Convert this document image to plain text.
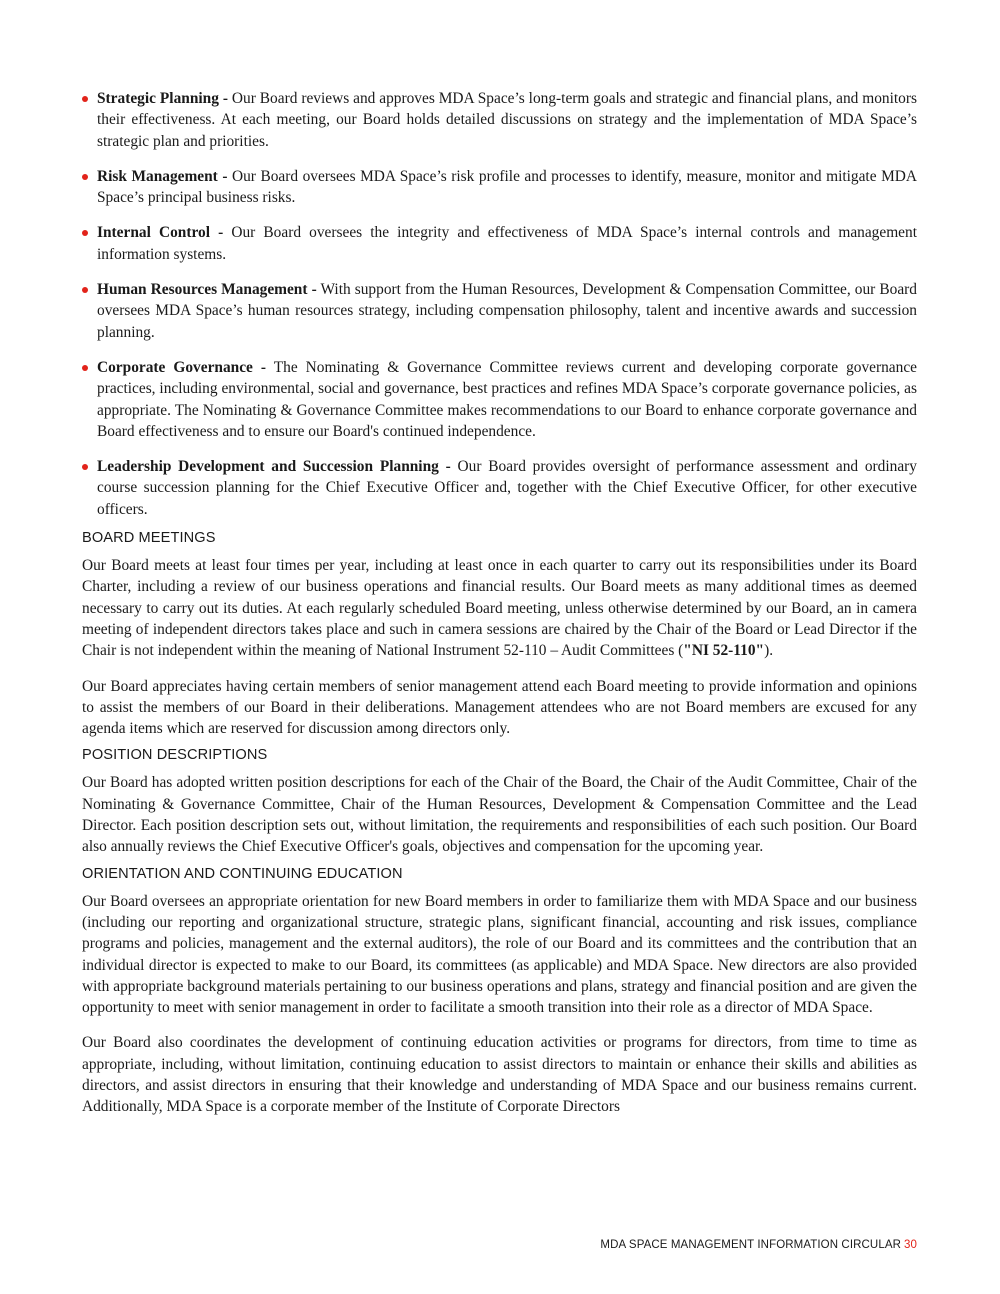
Strategic Planning - Our Board reviews and approves MDA Space’s long-term goals and strategic and financial plans, and monitors their effectiveness. At each meeting, our Board holds detailed discussions on strategy and the implementation of MDA Space’s strategic plan and priorities.
Risk Management - Our Board oversees MDA Space’s risk profile and processes to identify, measure, monitor and mitigate MDA Space’s principal business risks.
Internal Control - Our Board oversees the integrity and effectiveness of MDA Space’s internal controls and management information systems.
Human Resources Management - With support from the Human Resources, Development & Compensation Committee, our Board oversees MDA Space’s human resources strategy, including compensation philosophy, talent and incentive awards and succession planning.
Corporate Governance - The Nominating & Governance Committee reviews current and developing corporate governance practices, including environmental, social and governance, best practices and refines MDA Space’s corporate governance policies, as appropriate. The Nominating & Governance Committee makes recommendations to our Board to enhance corporate governance and Board effectiveness and to ensure our Board's continued independence.
Leadership Development and Succession Planning - Our Board provides oversight of performance assessment and ordinary course succession planning for the Chief Executive Officer and, together with the Chief Executive Officer, for other executive officers.
BOARD MEETINGS

Our Board meets at least four times per year, including at least once in each quarter to carry out its responsibilities under its Board Charter, including a review of our business operations and financial results. Our Board meets as many additional times as deemed necessary to carry out its duties. At each regularly scheduled Board meeting, unless otherwise determined by our Board, an in camera meeting of independent directors takes place and such in camera sessions are chaired by the Chair of the Board or Lead Director if the Chair is not independent within the meaning of National Instrument 52-110 – Audit Committees ("NI 52-110").

Our Board appreciates having certain members of senior management attend each Board meeting to provide information and opinions to assist the members of our Board in their deliberations. Management attendees who are not Board members are excused for any agenda items which are reserved for discussion among directors only.

POSITION DESCRIPTIONS

Our Board has adopted written position descriptions for each of the Chair of the Board, the Chair of the Audit Committee, Chair of the Nominating & Governance Committee, Chair of the Human Resources, Development & Compensation Committee and the Lead Director. Each position description sets out, without limitation, the requirements and responsibilities of each such position. Our Board also annually reviews the Chief Executive Officer's goals, objectives and compensation for the upcoming year.

ORIENTATION AND CONTINUING EDUCATION

Our Board oversees an appropriate orientation for new Board members in order to familiarize them with MDA Space and our business (including our reporting and organizational structure, strategic plans, significant financial, accounting and risk issues, compliance programs and policies, management and the external auditors), the role of our Board and its committees and the contribution that an individual director is expected to make to our Board, its committees (as applicable) and MDA Space. New directors are also provided with appropriate background materials pertaining to our business operations and plans, strategy and financial position and are given the opportunity to meet with senior management in order to facilitate a smooth transition into their role as a director of MDA Space.

Our Board also coordinates the development of continuing education activities or programs for directors, from time to time as appropriate, including, without limitation, continuing education to assist directors to maintain or enhance their skills and abilities as directors, and assist directors in ensuring that their knowledge and understanding of MDA Space and our business remains current. Additionally, MDA Space is a corporate member of the Institute of Corporate Directors

MDA SPACE MANAGEMENT INFORMATION CIRCULAR 30
